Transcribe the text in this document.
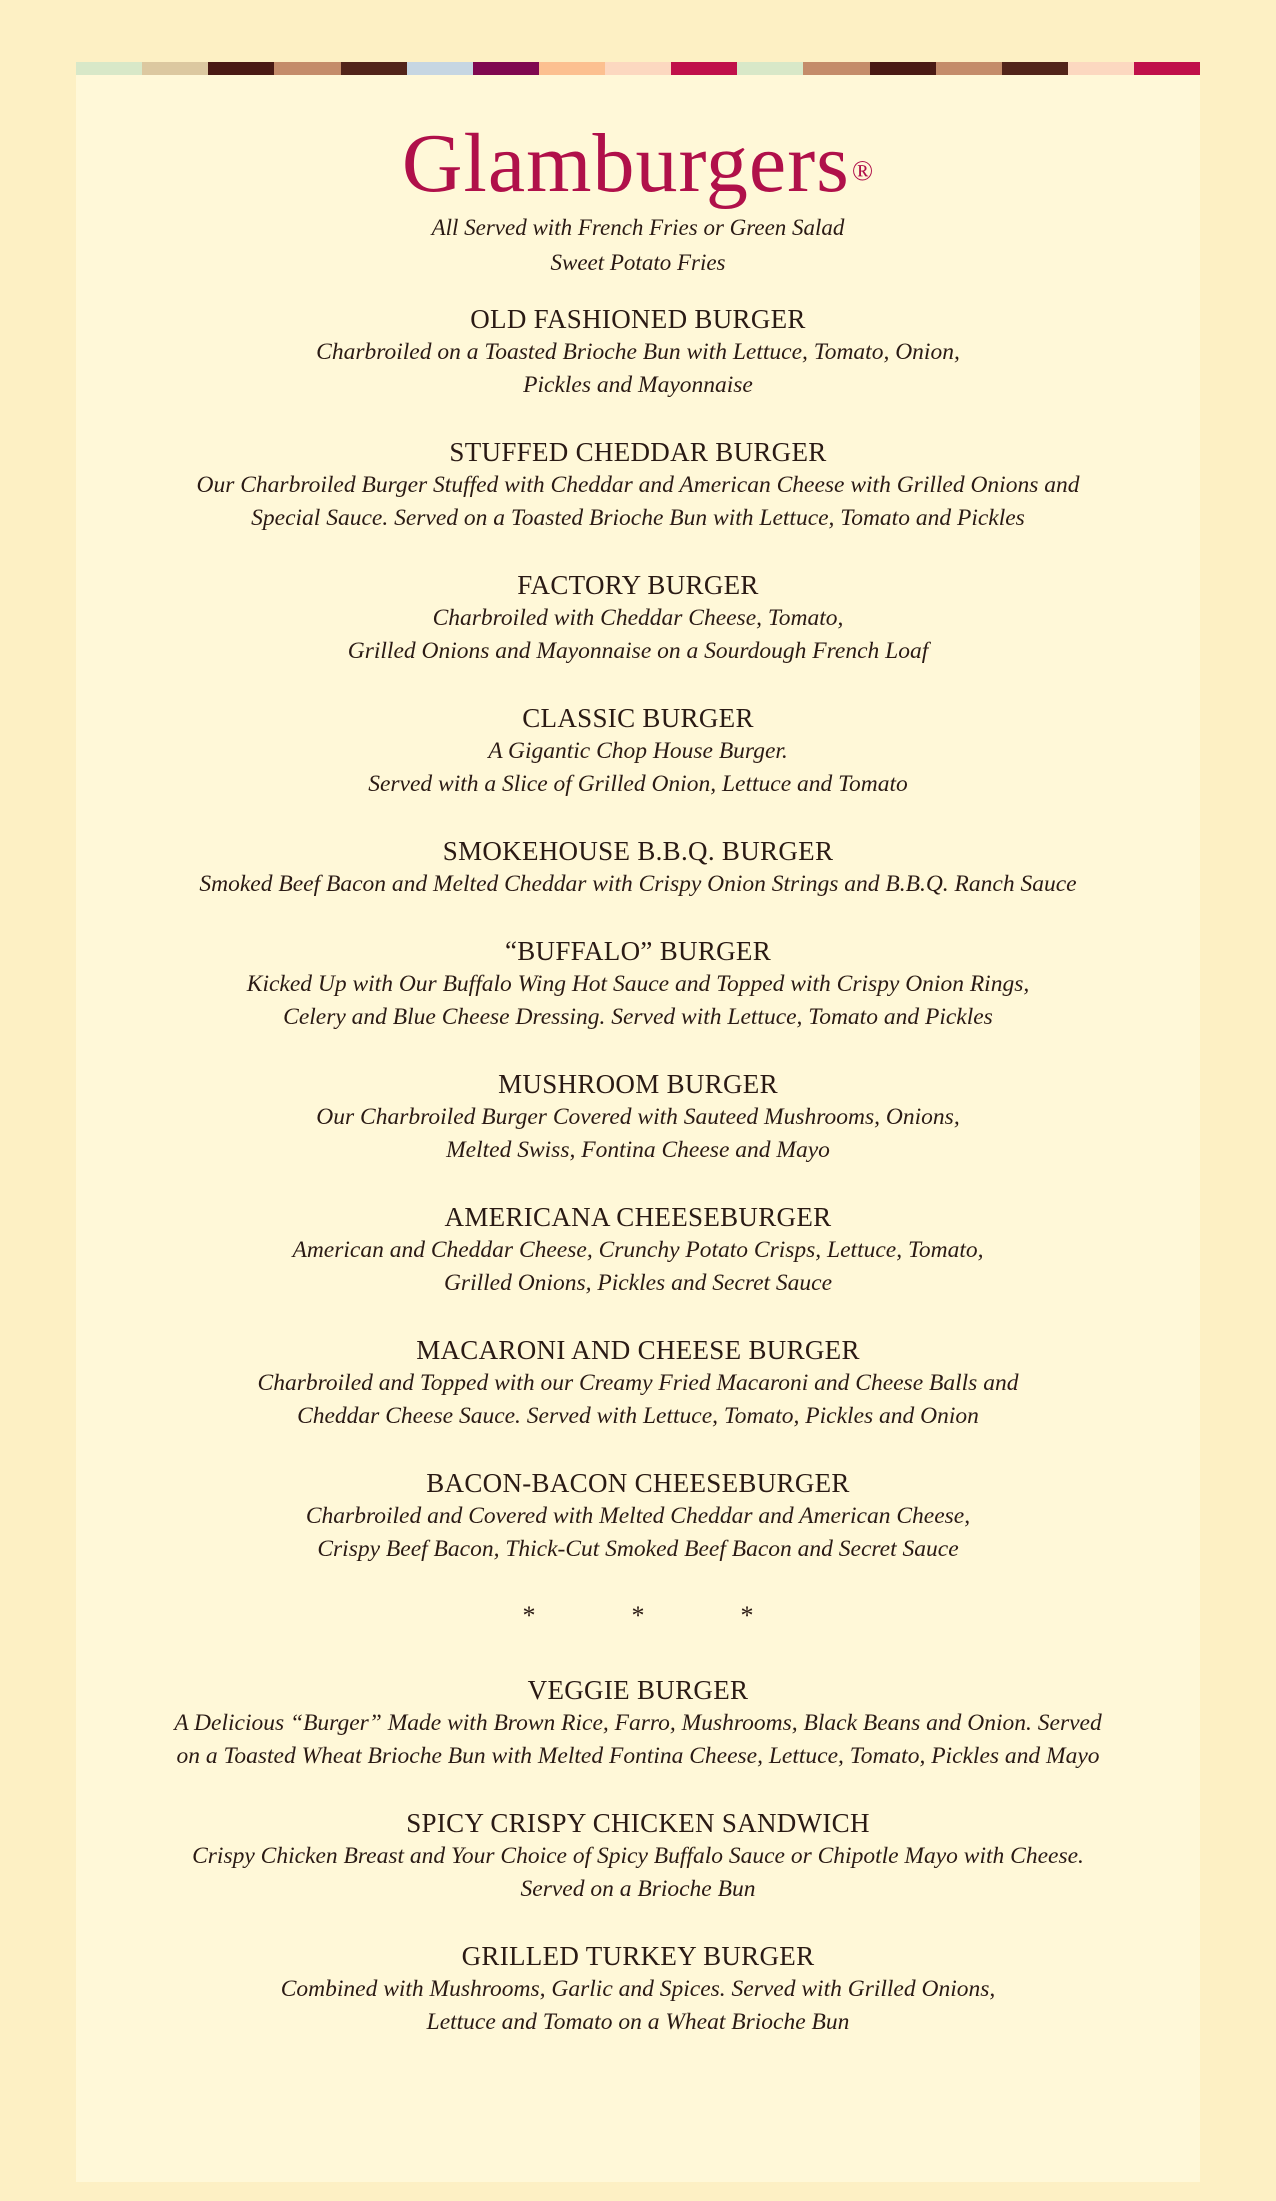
Glamburgers®
All Served with French Fries or Green Salad
Sweet Potato Fries
OLD FASHIONED BURGER
Charbroiled on a Toasted Brioche Bun with Lettuce, Tomato, Onion,
Pickles and Mayonnaise
STUFFED CHEDDAR BURGER
Our Charbroiled Burger Stuffed with Cheddar and American Cheese with Grilled Onions and
Special Sauce. Served on a Toasted Brioche Bun with Lettuce, Tomato and Pickles
FACTORY BURGER
Charbroiled with Cheddar Cheese, Tomato,
Grilled Onions and Mayonnaise on a Sourdough French Loaf
CLASSIC BURGER
A Gigantic Chop House Burger.
Served with a Slice of Grilled Onion, Lettuce and Tomato
SMOKEHOUSE B.B.Q. BURGER
Smoked Beef Bacon and Melted Cheddar with Crispy Onion Strings and B.B.Q. Ranch Sauce
“BUFFALO” BURGER
Kicked Up with Our Buffalo Wing Hot Sauce and Topped with Crispy Onion Rings,
Celery and Blue Cheese Dressing. Served with Lettuce, Tomato and Pickles
MUSHROOM BURGER
Our Charbroiled Burger Covered with Sauteed Mushrooms, Onions,
Melted Swiss, Fontina Cheese and Mayo
AMERICANA CHEESEBURGER
American and Cheddar Cheese, Crunchy Potato Crisps, Lettuce, Tomato,
Grilled Onions, Pickles and Secret Sauce
MACARONI AND CHEESE BURGER
Charbroiled and Topped with our Creamy Fried Macaroni and Cheese Balls and
Cheddar Cheese Sauce. Served with Lettuce, Tomato, Pickles and Onion
BACON-BACON CHEESEBURGER
Charbroiled and Covered with Melted Cheddar and American Cheese,
Crispy Beef Bacon, Thick-Cut Smoked Beef Bacon and Secret Sauce
*	*	*
VEGGIE BURGER
A Delicious “Burger” Made with Brown Rice, Farro, Mushrooms, Black Beans and Onion. Served
on a Toasted Wheat Brioche Bun with Melted Fontina Cheese, Lettuce, Tomato, Pickles and Mayo
SPICY CRISPY CHICKEN SANDWICH
Crispy Chicken Breast and Your Choice of Spicy Buffalo Sauce or Chipotle Mayo with Cheese.
Served on a Brioche Bun
GRILLED TURKEY BURGER
Combined with Mushrooms, Garlic and Spices. Served with Grilled Onions,
Lettuce and Tomato on a Wheat Brioche Bun
